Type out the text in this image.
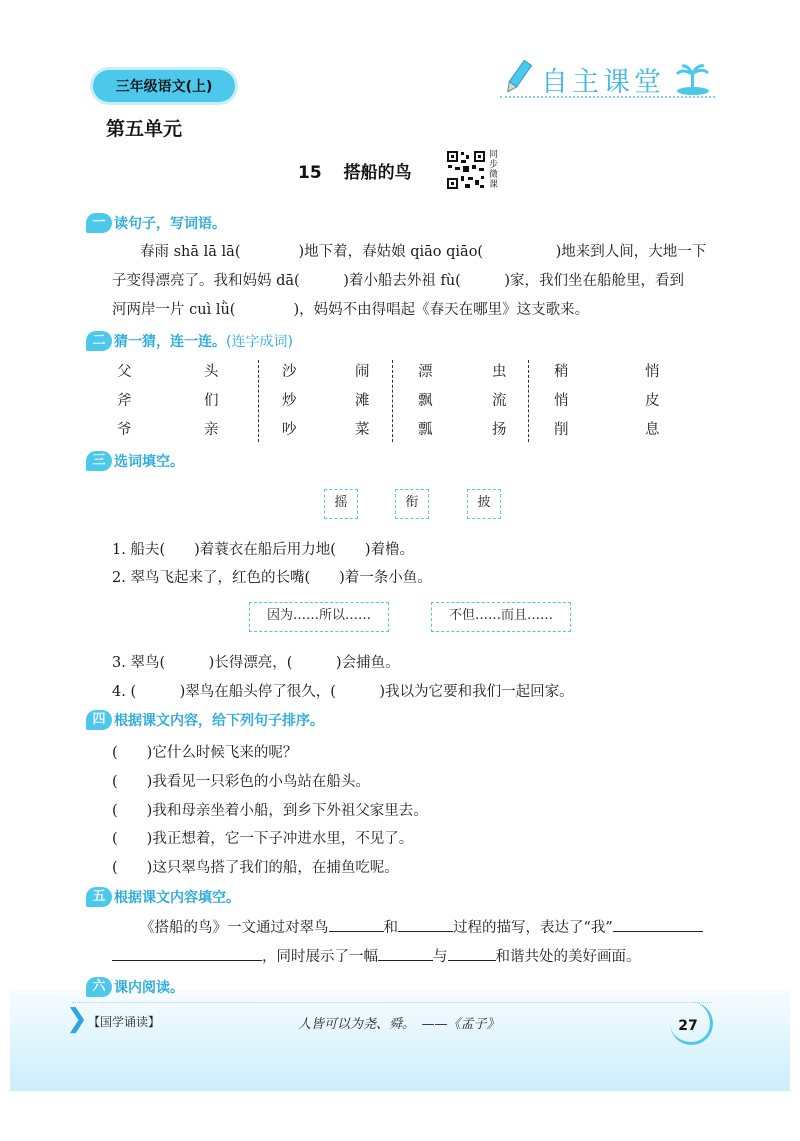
三年级语文(上)	自主课堂
第五单元
15 搭船的鸟
同步微课
一 读句子，写词语。
春雨 shā lā lā(　　　　)地下着，春姑娘 qiāo qiāo(　　　　　)地来到人间，大地一下
子变得漂亮了。我和妈妈 dā(　　　)着小船去外祖 fù(　　　)家，我们坐在船舱里，看到
河两岸一片 cuì lǜ(　　　　)，妈妈不由得唱起《春天在哪里》这支歌来。
二 猜一猜，连一连。 (连字成词)
父	头	沙	闹	漂	虫	稍	悄
斧	们	炒	滩	飘	流	悄	皮
爷	亲	吵	菜	瓢	扬	削	息
三 选词填空。
摇	衔	披
1. 船夫(　　)着蓑衣在船后用力地(　　)着橹。
2. 翠鸟飞起来了，红色的长嘴(　　)着一条小鱼。
因为……所以……	不但……而且……
3. 翠鸟(　　　)长得漂亮，(　　　)会捕鱼。
4. (　　　)翠鸟在船头停了很久，(　　　)我以为它要和我们一起回家。
四 根据课文内容，给下列句子排序。
(　　)它什么时候飞来的呢？
(　　)我看见一只彩色的小鸟站在船头。
(　　)我和母亲坐着小船，到乡下外祖父家里去。
(　　)我正想着，它一下子冲进水里，不见了。
(　　)这只翠鸟搭了我们的船，在捕鱼吃呢。
五 根据课文内容填空。
《搭船的鸟》一文通过对翠鸟	和	过程的描写，表达了“我”
，同时展示了一幅	与	和谐共处的美好画面。
六 课内阅读。
❯ 【国学诵读】	人皆可以为尧、舜。　——《孟子》	27
